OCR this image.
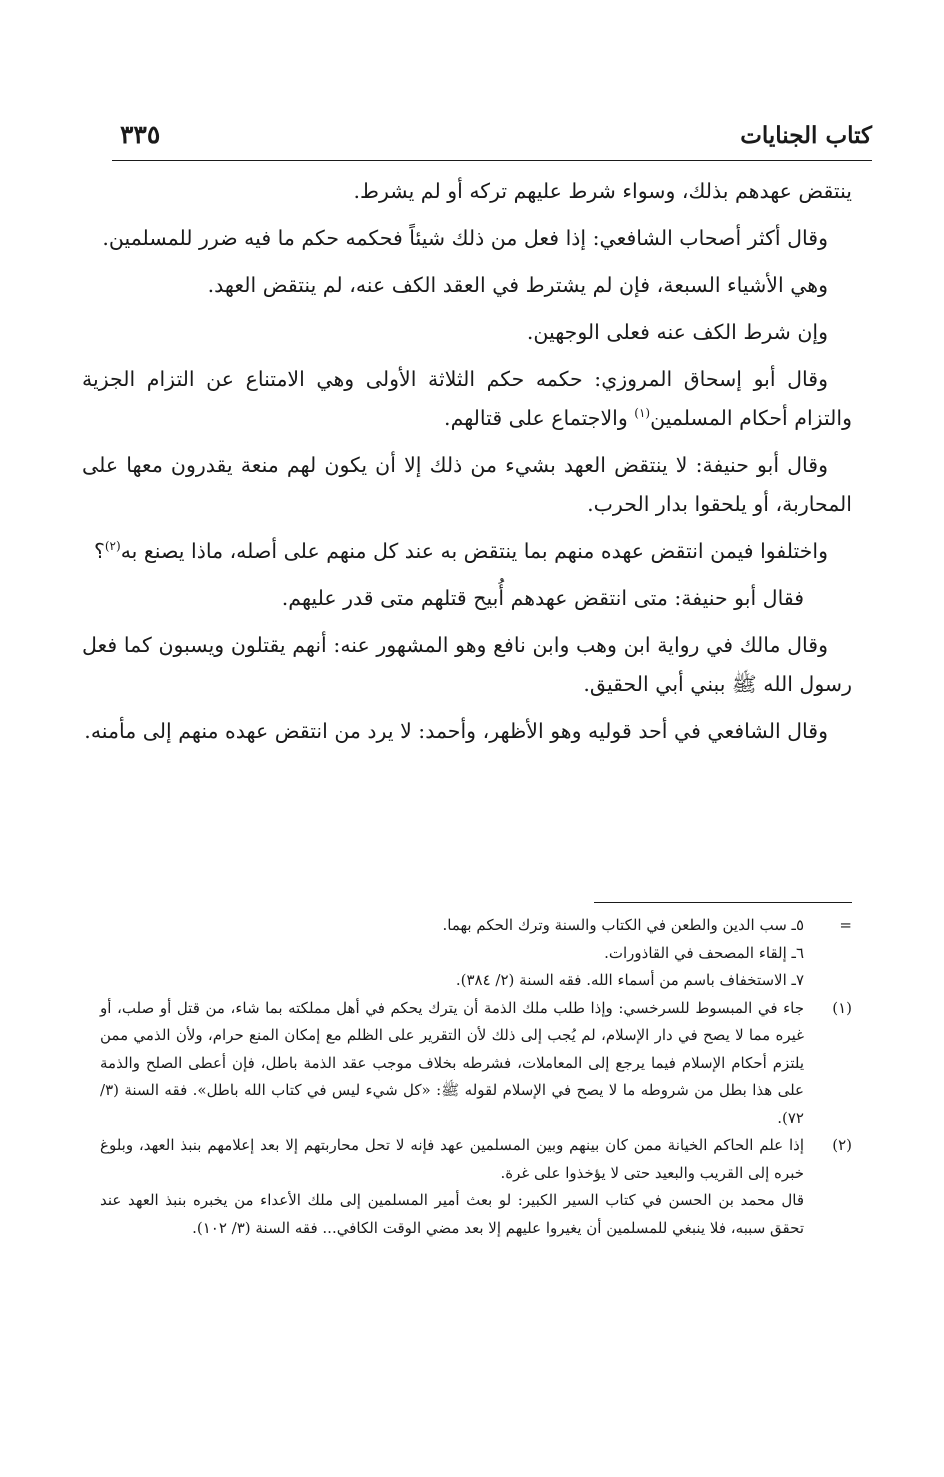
كتاب الجنايات
٣٣٥

ينتقض عهدهم بذلك، وسواء شرط عليهم تركه أو لم يشرط.

وقال أكثر أصحاب الشافعي: إذا فعل من ذلك شيئاً فحكمه حكم ما فيه ضرر للمسلمين.

وهي الأشياء السبعة، فإن لم يشترط في العقد الكف عنه، لم ينتقض العهد.

وإن شرط الكف عنه فعلى الوجهين.

وقال أبو إسحاق المروزي: حكمه حكم الثلاثة الأولى وهي الامتناع عن التزام الجزية والتزام أحكام المسلمين$^{(١)}$ والاجتماع على قتالهم.

وقال أبو حنيفة: لا ينتقض العهد بشيء من ذلك إلا أن يكون لهم منعة يقدرون معها على المحاربة، أو يلحقوا بدار الحرب.

واختلفوا فيمن انتقض عهده منهم بما ينتقض به عند كل منهم على أصله، ماذا يصنع به$^{(٢)}$؟

فقال أبو حنيفة: متى انتقض عهدهم أُبيح قتلهم متى قدر عليهم.

وقال مالك في رواية ابن وهب وابن نافع وهو المشهور عنه: أنهم يقتلون ويسبون كما فعل رسول الله ﷺ ببني أبي الحقيق.

وقال الشافعي في أحد قوليه وهو الأظهر، وأحمد: لا يرد من انتقض عهده منهم إلى مأمنه.

=
٥ـ سب الدين والطعن في الكتاب والسنة وترك الحكم بهما.
٦ـ إلقاء المصحف في القاذورات.
٧ـ الاستخفاف باسم من أسماء الله. فقه السنة (٢/ ٣٨٤).
(١)
جاء في المبسوط للسرخسي: وإذا طلب ملك الذمة أن يترك يحكم في أهل مملكته بما شاء، من قتل أو صلب، أو غيره مما لا يصح في دار الإسلام، لم يُجب إلى ذلك لأن التقرير على الظلم مع إمكان المنع حرام، ولأن الذمي ممن يلتزم أحكام الإسلام فيما يرجع إلى المعاملات، فشرطه بخلاف موجب عقد الذمة باطل، فإن أعطى الصلح والذمة على هذا بطل من شروطه ما لا يصح في الإسلام لقوله ﷺ: «كل شيء ليس في كتاب الله باطل». فقه السنة (٣/ ٧٢).
(٢)
إذا علم الحاكم الخيانة ممن كان بينهم وبين المسلمين عهد فإنه لا تحل محاربتهم إلا بعد إعلامهم بنبذ العهد، وبلوغ خبره إلى القريب والبعيد حتى لا يؤخذوا على غرة.
قال محمد بن الحسن في كتاب السير الكبير: لو بعث أمير المسلمين إلى ملك الأعداء من يخبره بنبذ العهد عند تحقق سببه، فلا ينبغي للمسلمين أن يغيروا عليهم إلا بعد مضي الوقت الكافي... فقه السنة (٣/ ١٠٢).
